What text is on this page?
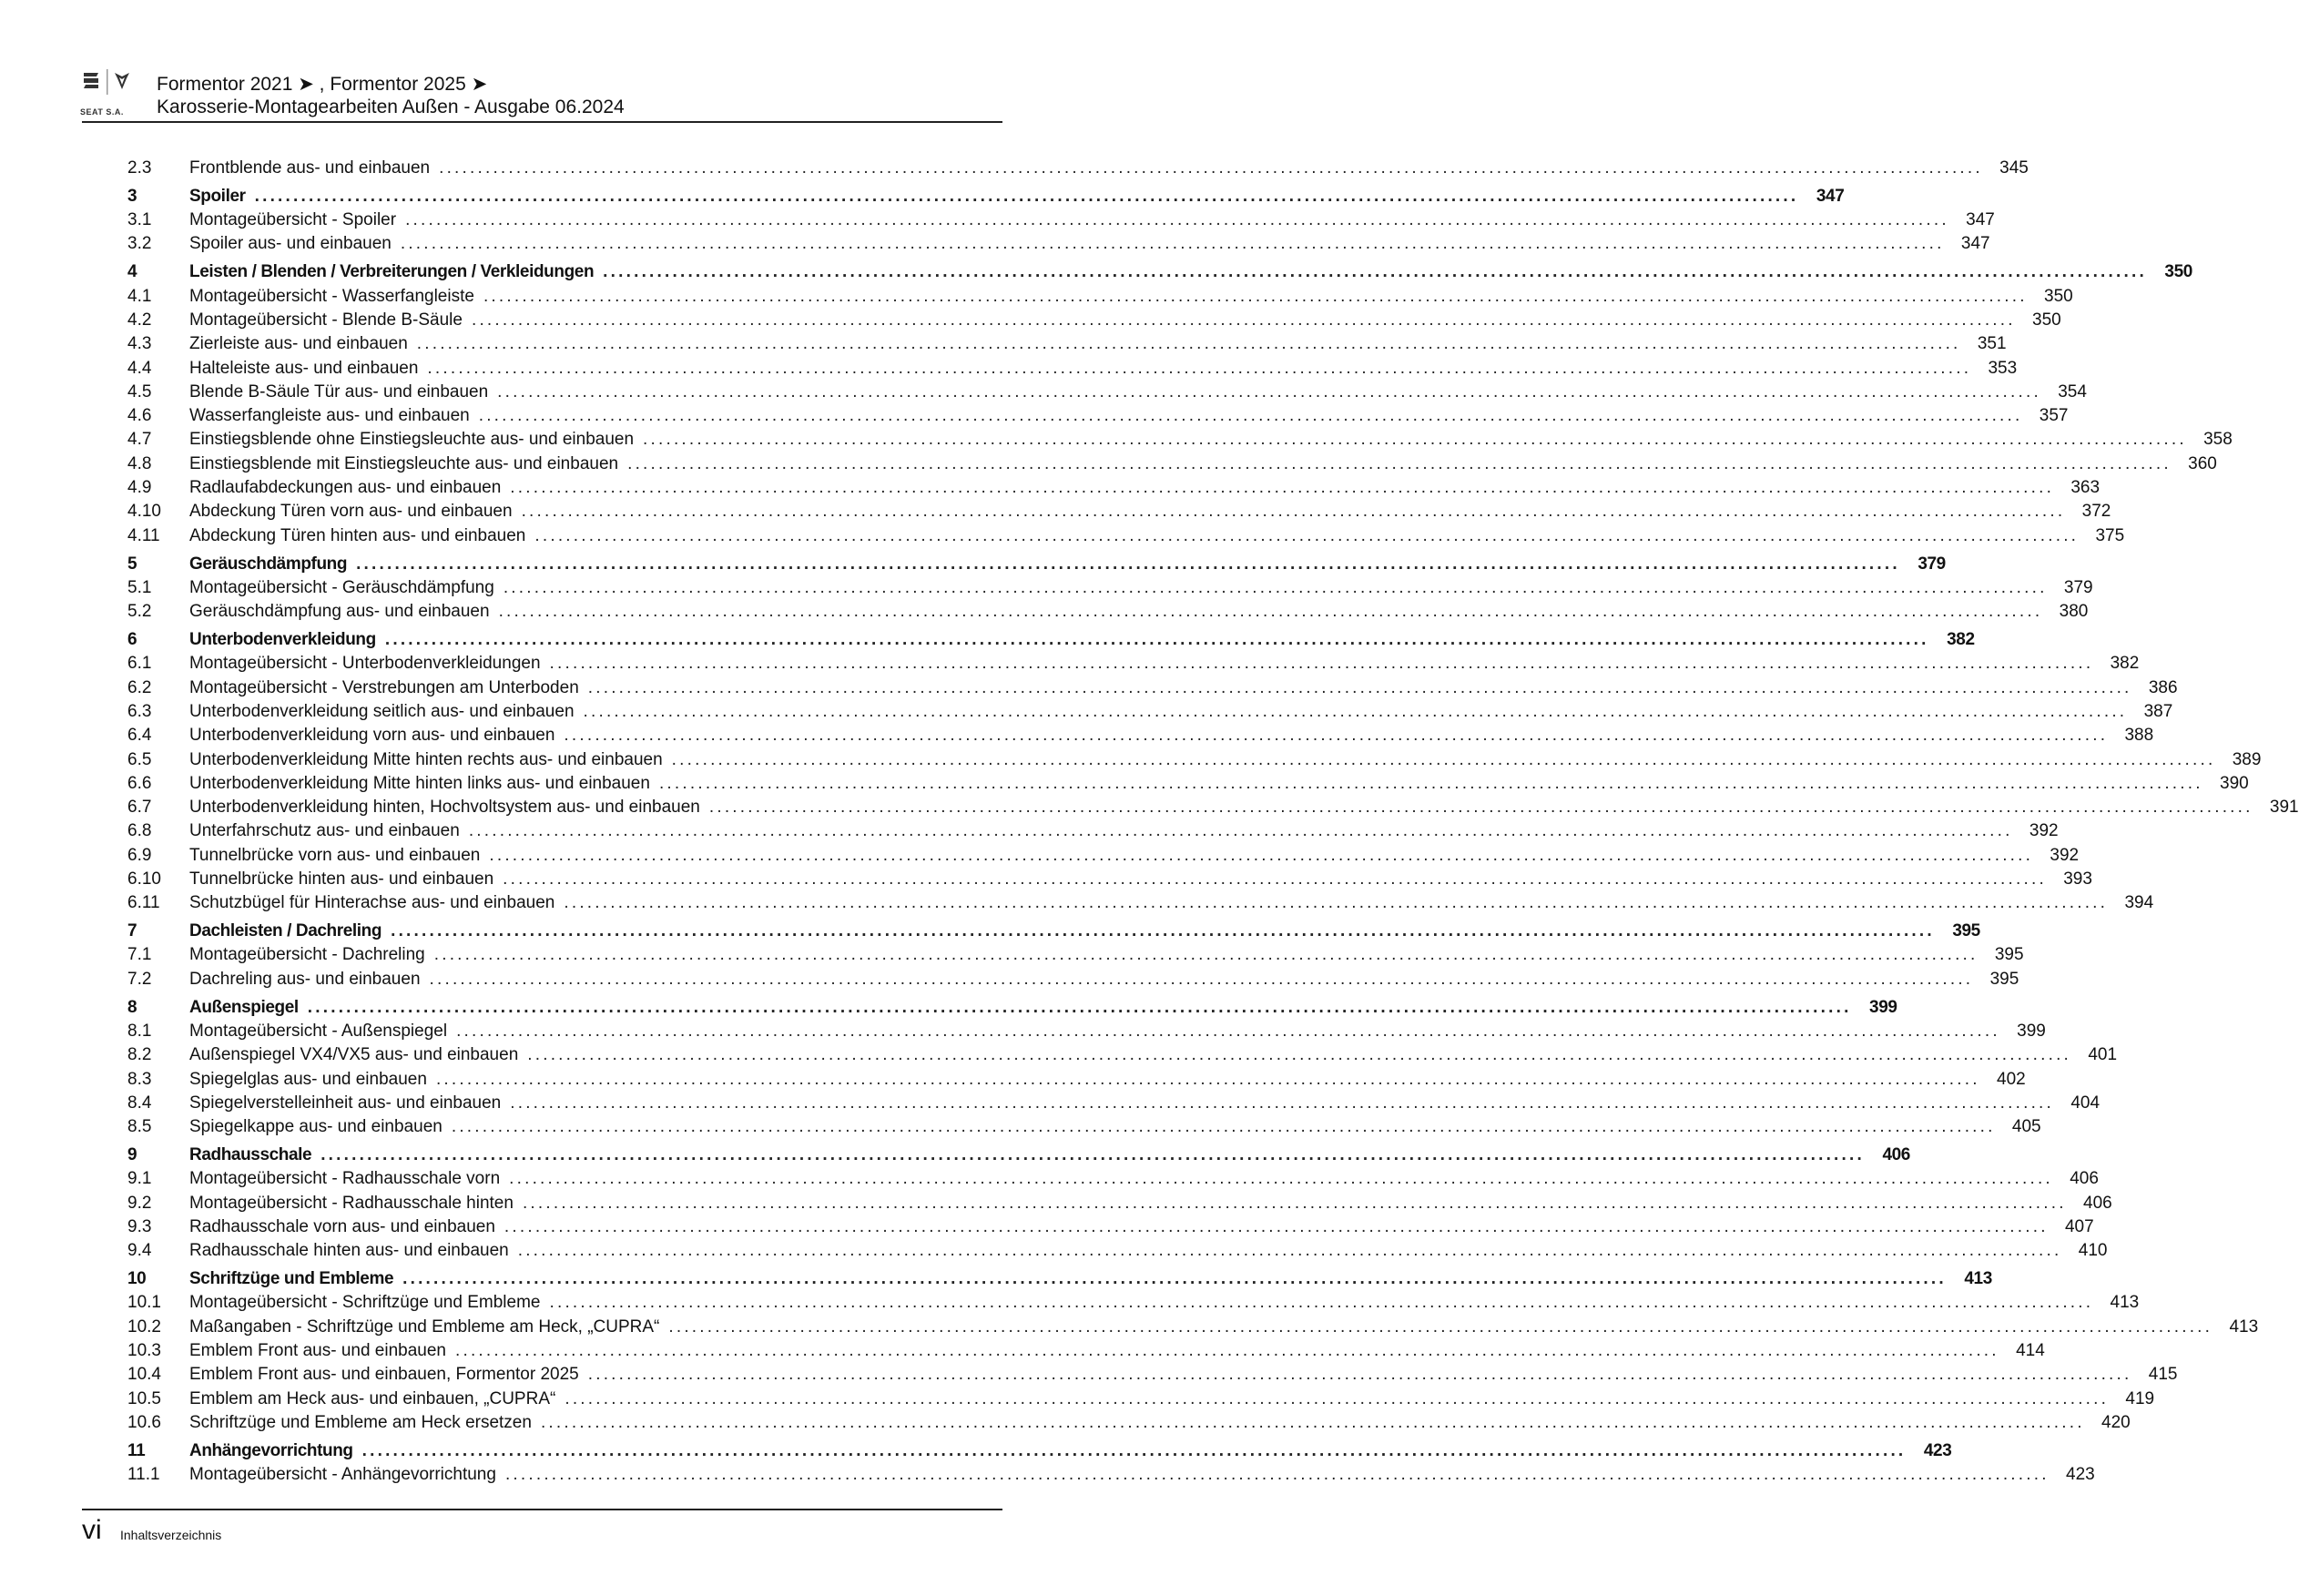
SEAT S.A.
Formentor 2021 ➤ , Formentor 2025 ➤
Karosserie-Montagearbeiten Außen - Ausgabe 06.2024
2.3	Frontblende aus- und einbauen ........................................................................................................................................................................................................ 345
3	Spoiler ........................................................................................................................................................................................................	347
3.1	Montageübersicht - Spoiler ........................................................................................................................................................................................................ 347
3.2	Spoiler aus- und einbauen ........................................................................................................................................................................................................ 347
4	Leisten / Blenden / Verbreiterungen / Verkleidungen ........................................................................................................................................................................................................	350
4.1	Montageübersicht - Wasserfangleiste ........................................................................................................................................................................................................ 350
4.2	Montageübersicht - Blende B-Säule ........................................................................................................................................................................................................ 350
4.3	Zierleiste aus- und einbauen ........................................................................................................................................................................................................ 351
4.4	Halteleiste aus- und einbauen ........................................................................................................................................................................................................ 353
4.5	Blende B-Säule Tür aus- und einbauen ........................................................................................................................................................................................................ 354
4.6	Wasserfangleiste aus- und einbauen ........................................................................................................................................................................................................ 357
4.7	Einstiegsblende ohne Einstiegsleuchte aus- und einbauen ........................................................................................................................................................................................................ 358
4.8	Einstiegsblende mit Einstiegsleuchte aus- und einbauen ........................................................................................................................................................................................................ 360
4.9	Radlaufabdeckungen aus- und einbauen ........................................................................................................................................................................................................ 363
4.10	Abdeckung Türen vorn aus- und einbauen ........................................................................................................................................................................................................ 372
4.11	Abdeckung Türen hinten aus- und einbauen ........................................................................................................................................................................................................ 375
5	Geräuschdämpfung ........................................................................................................................................................................................................	379
5.1	Montageübersicht - Geräuschdämpfung ........................................................................................................................................................................................................ 379
5.2	Geräuschdämpfung aus- und einbauen ........................................................................................................................................................................................................ 380
6	Unterbodenverkleidung ........................................................................................................................................................................................................	382
6.1	Montageübersicht - Unterbodenverkleidungen ........................................................................................................................................................................................................ 382
6.2	Montageübersicht - Verstrebungen am Unterboden ........................................................................................................................................................................................................ 386
6.3	Unterbodenverkleidung seitlich aus- und einbauen ........................................................................................................................................................................................................ 387
6.4	Unterbodenverkleidung vorn aus- und einbauen ........................................................................................................................................................................................................ 388
6.5	Unterbodenverkleidung Mitte hinten rechts aus- und einbauen ........................................................................................................................................................................................................ 389
6.6	Unterbodenverkleidung Mitte hinten links aus- und einbauen ........................................................................................................................................................................................................ 390
6.7	Unterbodenverkleidung hinten, Hochvoltsystem aus- und einbauen ........................................................................................................................................................................................................ 391
6.8	Unterfahrschutz aus- und einbauen ........................................................................................................................................................................................................ 392
6.9	Tunnelbrücke vorn aus- und einbauen ........................................................................................................................................................................................................ 392
6.10	Tunnelbrücke hinten aus- und einbauen ........................................................................................................................................................................................................ 393
6.11	Schutzbügel für Hinterachse aus- und einbauen ........................................................................................................................................................................................................ 394
7	Dachleisten / Dachreling ........................................................................................................................................................................................................	395
7.1	Montageübersicht - Dachreling ........................................................................................................................................................................................................ 395
7.2	Dachreling aus- und einbauen ........................................................................................................................................................................................................ 395
8	Außenspiegel ........................................................................................................................................................................................................	399
8.1	Montageübersicht - Außenspiegel ........................................................................................................................................................................................................ 399
8.2	Außenspiegel VX4/VX5 aus- und einbauen ........................................................................................................................................................................................................ 401
8.3	Spiegelglas aus- und einbauen ........................................................................................................................................................................................................ 402
8.4	Spiegelverstelleinheit aus- und einbauen ........................................................................................................................................................................................................ 404
8.5	Spiegelkappe aus- und einbauen ........................................................................................................................................................................................................ 405
9	Radhausschale ........................................................................................................................................................................................................	406
9.1	Montageübersicht - Radhausschale vorn ........................................................................................................................................................................................................ 406
9.2	Montageübersicht - Radhausschale hinten ........................................................................................................................................................................................................ 406
9.3	Radhausschale vorn aus- und einbauen ........................................................................................................................................................................................................ 407
9.4	Radhausschale hinten aus- und einbauen ........................................................................................................................................................................................................ 410
10	Schriftzüge und Embleme ........................................................................................................................................................................................................	413
10.1	Montageübersicht - Schriftzüge und Embleme ........................................................................................................................................................................................................ 413
10.2	Maßangaben - Schriftzüge und Embleme am Heck, „CUPRA“ ........................................................................................................................................................................................................ 413
10.3	Emblem Front aus- und einbauen ........................................................................................................................................................................................................ 414
10.4	Emblem Front aus- und einbauen, Formentor 2025 ........................................................................................................................................................................................................ 415
10.5	Emblem am Heck aus- und einbauen, „CUPRA“ ........................................................................................................................................................................................................ 419
10.6	Schriftzüge und Embleme am Heck ersetzen ........................................................................................................................................................................................................ 420
11	Anhängevorrichtung ........................................................................................................................................................................................................	423
11.1	Montageübersicht - Anhängevorrichtung ........................................................................................................................................................................................................ 423
vi Inhaltsverzeichnis
